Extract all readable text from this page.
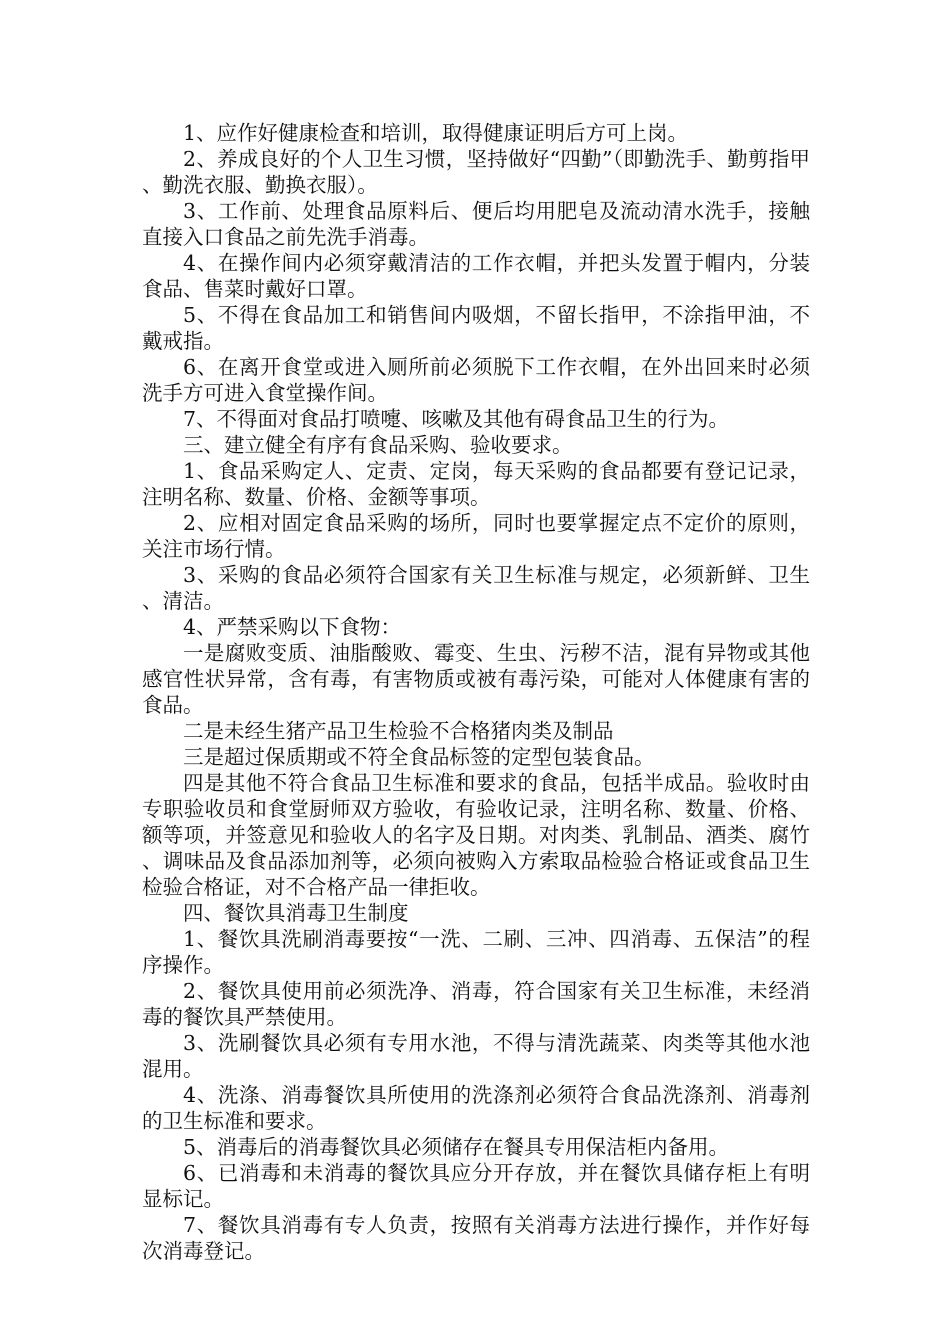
1、应作好健康检查和培训，取得健康证明后方可上岗。

2、养成良好的个人卫生习惯，坚持做好“四勤”（即勤洗手、勤剪指甲、勤洗衣服、勤换衣服）。

3、工作前、处理食品原料后、便后均用肥皂及流动清水洗手，接触直接入口食品之前先洗手消毒。

4、在操作间内必须穿戴清洁的工作衣帽，并把头发置于帽内，分装食品、售菜时戴好口罩。

5、不得在食品加工和销售间内吸烟，不留长指甲，不涂指甲油，不戴戒指。

6、在离开食堂或进入厕所前必须脱下工作衣帽，在外出回来时必须洗手方可进入食堂操作间。

7、不得面对食品打喷嚏、咳嗽及其他有碍食品卫生的行为。

三、建立健全有序有食品采购、验收要求。

1、食品采购定人、定责、定岗，每天采购的食品都要有登记记录，注明名称、数量、价格、金额等事项。

2、应相对固定食品采购的场所，同时也要掌握定点不定价的原则，关注市场行情。

3、采购的食品必须符合国家有关卫生标准与规定，必须新鲜、卫生、清洁。

4、严禁采购以下食物：

一是腐败变质、油脂酸败、霉变、生虫、污秽不洁，混有异物或其他感官性状异常，含有毒，有害物质或被有毒污染，可能对人体健康有害的食品。

二是未经生猪产品卫生检验不合格猪肉类及制品

三是超过保质期或不符全食品标签的定型包装食品。

四是其他不符合食品卫生标准和要求的食品，包括半成品。验收时由专职验收员和食堂厨师双方验收，有验收记录，注明名称、数量、价格、额等项，并签意见和验收人的名字及日期。对肉类、乳制品、酒类、腐竹、调味品及食品添加剂等，必须向被购入方索取品检验合格证或食品卫生检验合格证，对不合格产品一律拒收。

四、餐饮具消毒卫生制度

1、餐饮具洗刷消毒要按“一洗、二刷、三冲、四消毒、五保洁”的程序操作。

2、餐饮具使用前必须洗净、消毒，符合国家有关卫生标准，未经消毒的餐饮具严禁使用。

3、洗刷餐饮具必须有专用水池，不得与清洗蔬菜、肉类等其他水池混用。

4、洗涤、消毒餐饮具所使用的洗涤剂必须符合食品洗涤剂、消毒剂的卫生标准和要求。

5、消毒后的消毒餐饮具必须储存在餐具专用保洁柜内备用。

6、已消毒和未消毒的餐饮具应分开存放，并在餐饮具储存柜上有明显标记。

7、餐饮具消毒有专人负责，按照有关消毒方法进行操作，并作好每次消毒登记。
